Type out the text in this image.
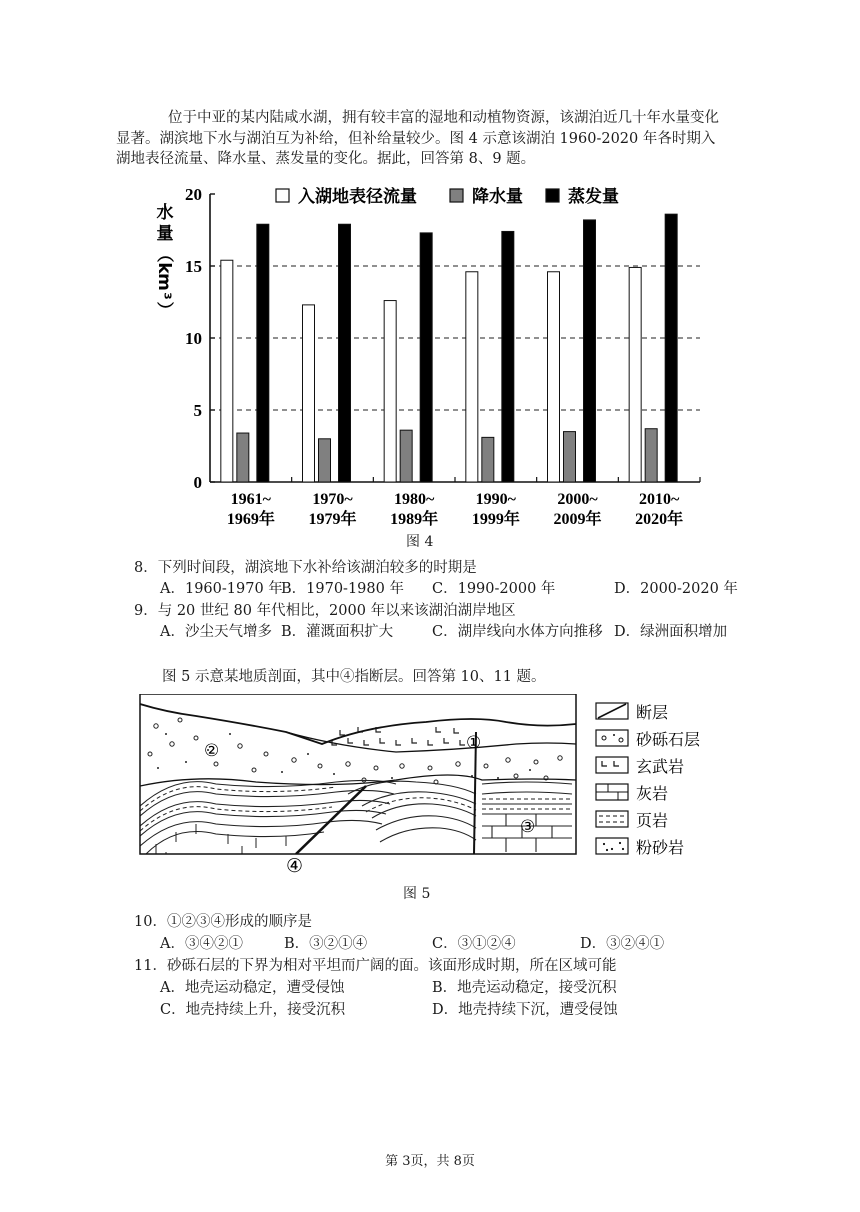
位于中亚的某内陆咸水湖，拥有较丰富的湿地和动植物资源，该湖泊近几十年水量变化
显著。湖滨地下水与湖泊互为补给，但补给量较少。图 4 示意该湖泊 1960-2020 年各时期入
湖地表径流量、降水量、蒸发量的变化。据此，回答第 8、9 题。
0
5
10
15
20
水
量
（
k
m
³
）
1961~
1969年
1970~
1979年
1980~
1989年
1990~
1999年
2000~
2009年
2010~
2020年
入湖地表径流量	降水量	蒸发量
图 4
8．下列时间段，湖滨地下水补给该湖泊较多的时期是
A．1960-1970 年
B．1970-1980 年 C．1990-2000 年	D．2000-2020 年
9．与 20 世纪 80 年代相比，2000 年以来该湖泊湖岸地区
A．沙尘天气增多 B．灌溉面积扩大	C．湖岸线向水体方向推移 D．绿洲面积增加
图 5 示意某地质剖面，其中④指断层。回答第 10、11 题。
②	①
③
④
断层
砂砾石层
玄武岩
灰岩
页岩
粉砂岩
图 5
10．①②③④形成的顺序是
A．③④②①	B．③②①④	C．③①②④	D．③②④①
11．砂砾石层的下界为相对平坦而广阔的面。该面形成时期，所在区域可能
A．地壳运动稳定，遭受侵蚀	B．地壳运动稳定，接受沉积
C．地壳持续上升，接受沉积	D．地壳持续下沉，遭受侵蚀
第 3页，共 8页
